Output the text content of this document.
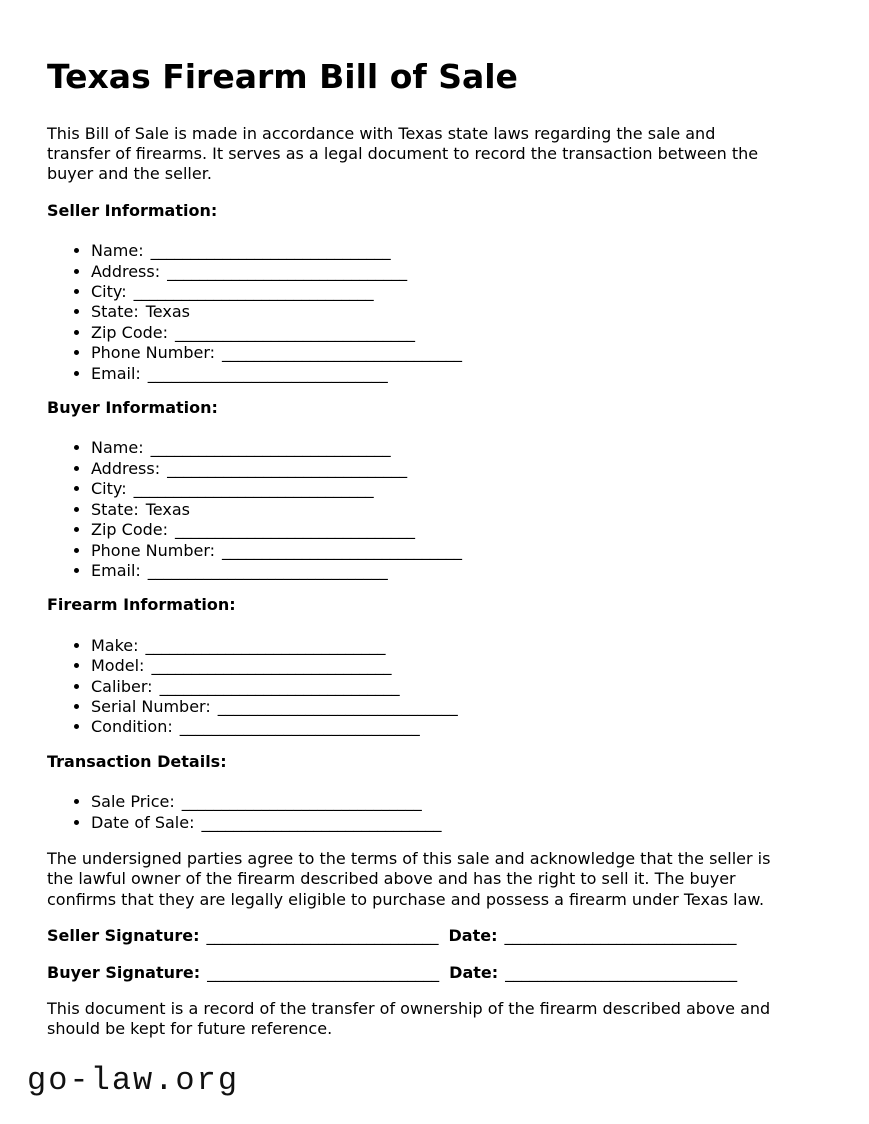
Texas Firearm Bill of Sale

This Bill of Sale is made in accordance with Texas state laws regarding the sale and
transfer of firearms. It serves as a legal document to record the transaction between the
buyer and the seller.

Seller Information:
• Name: ______________________________
• Address: ______________________________
• City: ______________________________
• State: Texas
• Zip Code: ______________________________
• Phone Number: ______________________________
• Email: ______________________________
Buyer Information:
• Name: ______________________________
• Address: ______________________________
• City: ______________________________
• State: Texas
• Zip Code: ______________________________
• Phone Number: ______________________________
• Email: ______________________________
Firearm Information:
• Make: ______________________________
• Model: ______________________________
• Caliber: ______________________________
• Serial Number: ______________________________
• Condition: ______________________________
Transaction Details:
• Sale Price: ______________________________
• Date of Sale: ______________________________

The undersigned parties agree to the terms of this sale and acknowledge that the seller is
the lawful owner of the firearm described above and has the right to sell it. The buyer
confirms that they are legally eligible to purchase and possess a firearm under Texas law.

Seller Signature: _____________________________ Date: _____________________________

Buyer Signature: _____________________________ Date: _____________________________

This document is a record of the transfer of ownership of the firearm described above and
should be kept for future reference.

go-law.org
